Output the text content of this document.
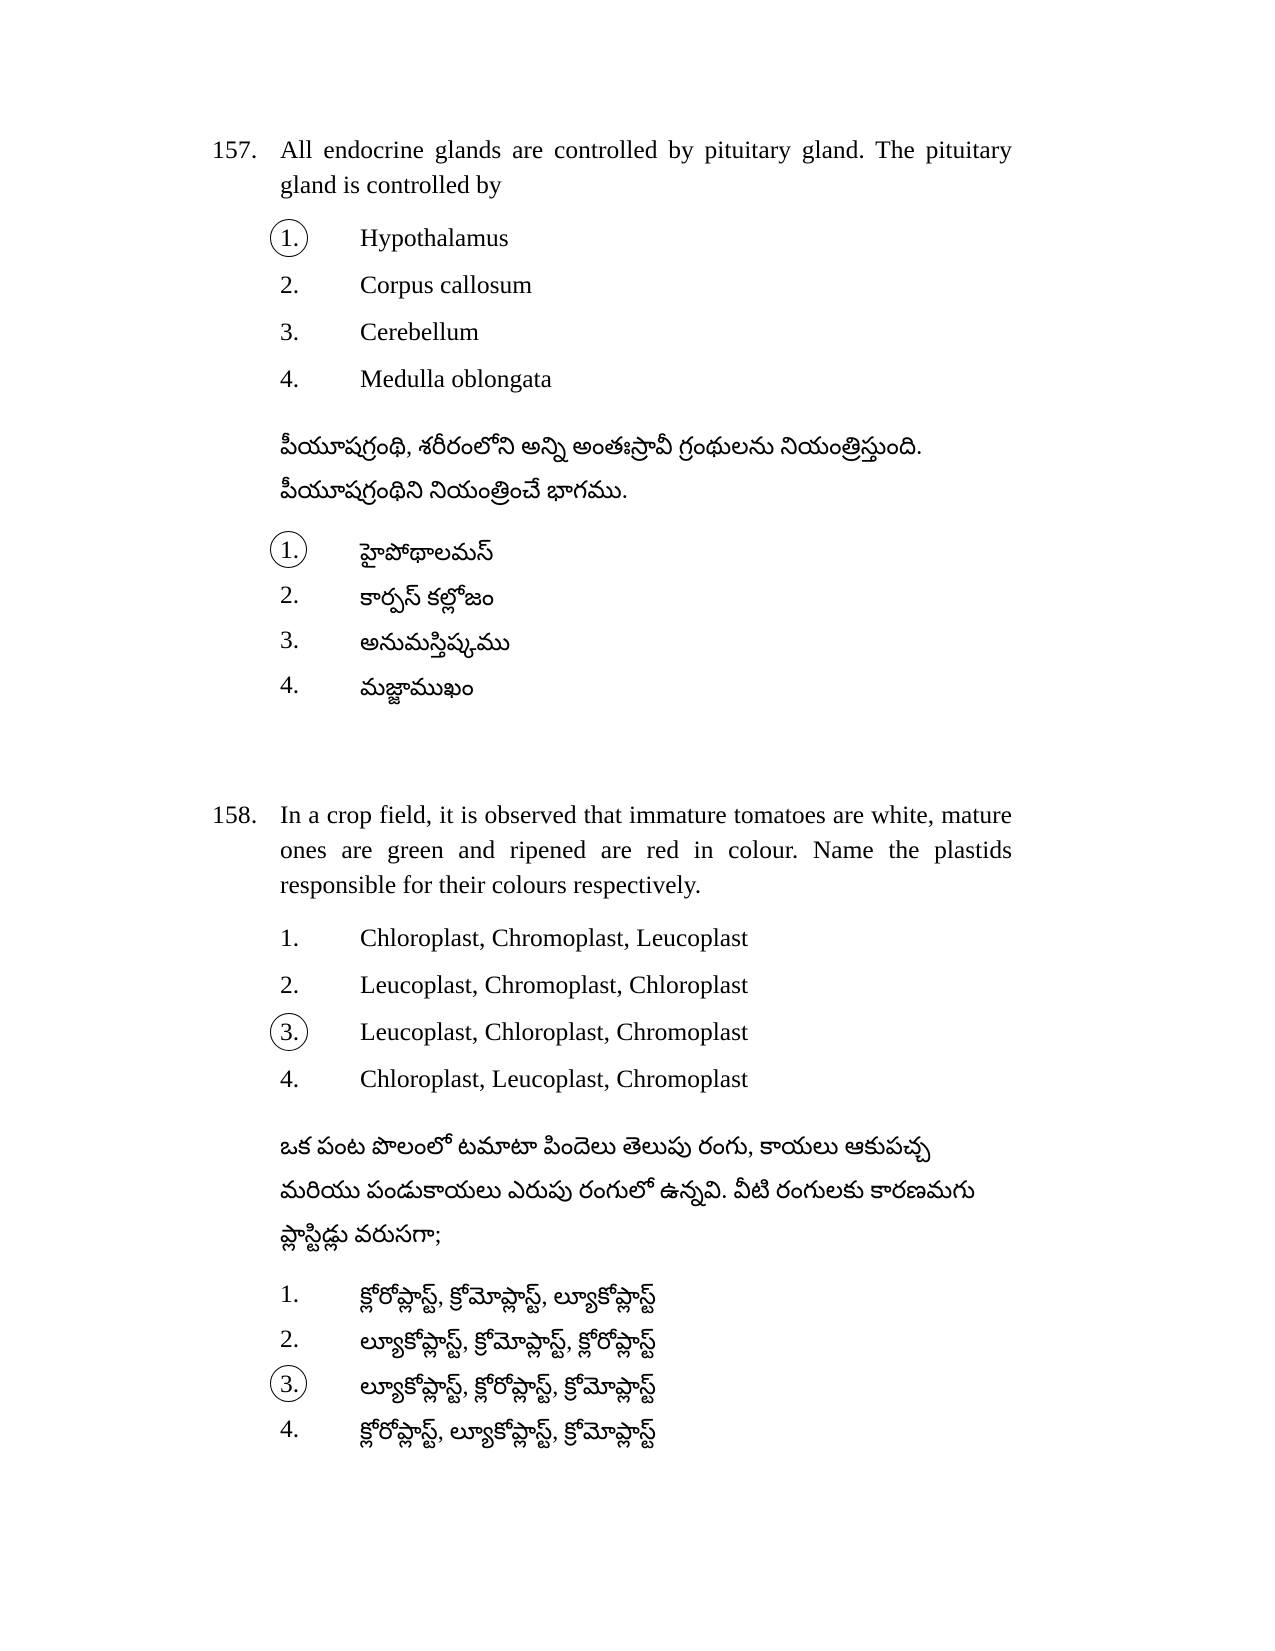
157. All endocrine glands are controlled by pituitary gland. The pituitary gland is controlled by
1.	Hypothalamus
2.	Corpus callosum
3.	Cerebellum
4.	Medulla oblongata
పీయూషగ్రంథి, శరీరంలోని అన్ని అంతఃస్రావీ గ్రంథులను నియంత్రిస్తుంది.
పీయూషగ్రంథిని నియంత్రించే భాగము.
1.	హైపోథాలమస్
2.	కార్పస్ కల్లోజం
3.	అనుమస్తిష్కము
4.	మజ్జాముఖం
158. In a crop field, it is observed that immature tomatoes are white, mature ones are green and ripened are red in colour. Name the plastids responsible for their colours respectively.
1.	Chloroplast, Chromoplast, Leucoplast
2.	Leucoplast, Chromoplast, Chloroplast
3.	Leucoplast, Chloroplast, Chromoplast
4.	Chloroplast, Leucoplast, Chromoplast
ఒక పంట పొలంలో టమాటా పిందెలు తెలుపు రంగు, కాయలు ఆకుపచ్చ
మరియు పండుకాయలు ఎరుపు రంగులో ఉన్నవి. వీటి రంగులకు కారణమగు
ప్లాస్టిడ్లు వరుసగా;
1.	క్లోరోప్లాస్ట్, క్రోమోప్లాస్ట్, ల్యూకోప్లాస్ట్
2.	ల్యూకోప్లాస్ట్, క్రోమోప్లాస్ట్, క్లోరోప్లాస్ట్
3.	ల్యూకోప్లాస్ట్, క్లోరోప్లాస్ట్, క్రోమోప్లాస్ట్
4.	క్లోరోప్లాస్ట్, ల్యూకోప్లాస్ట్, క్రోమోప్లాస్ట్
